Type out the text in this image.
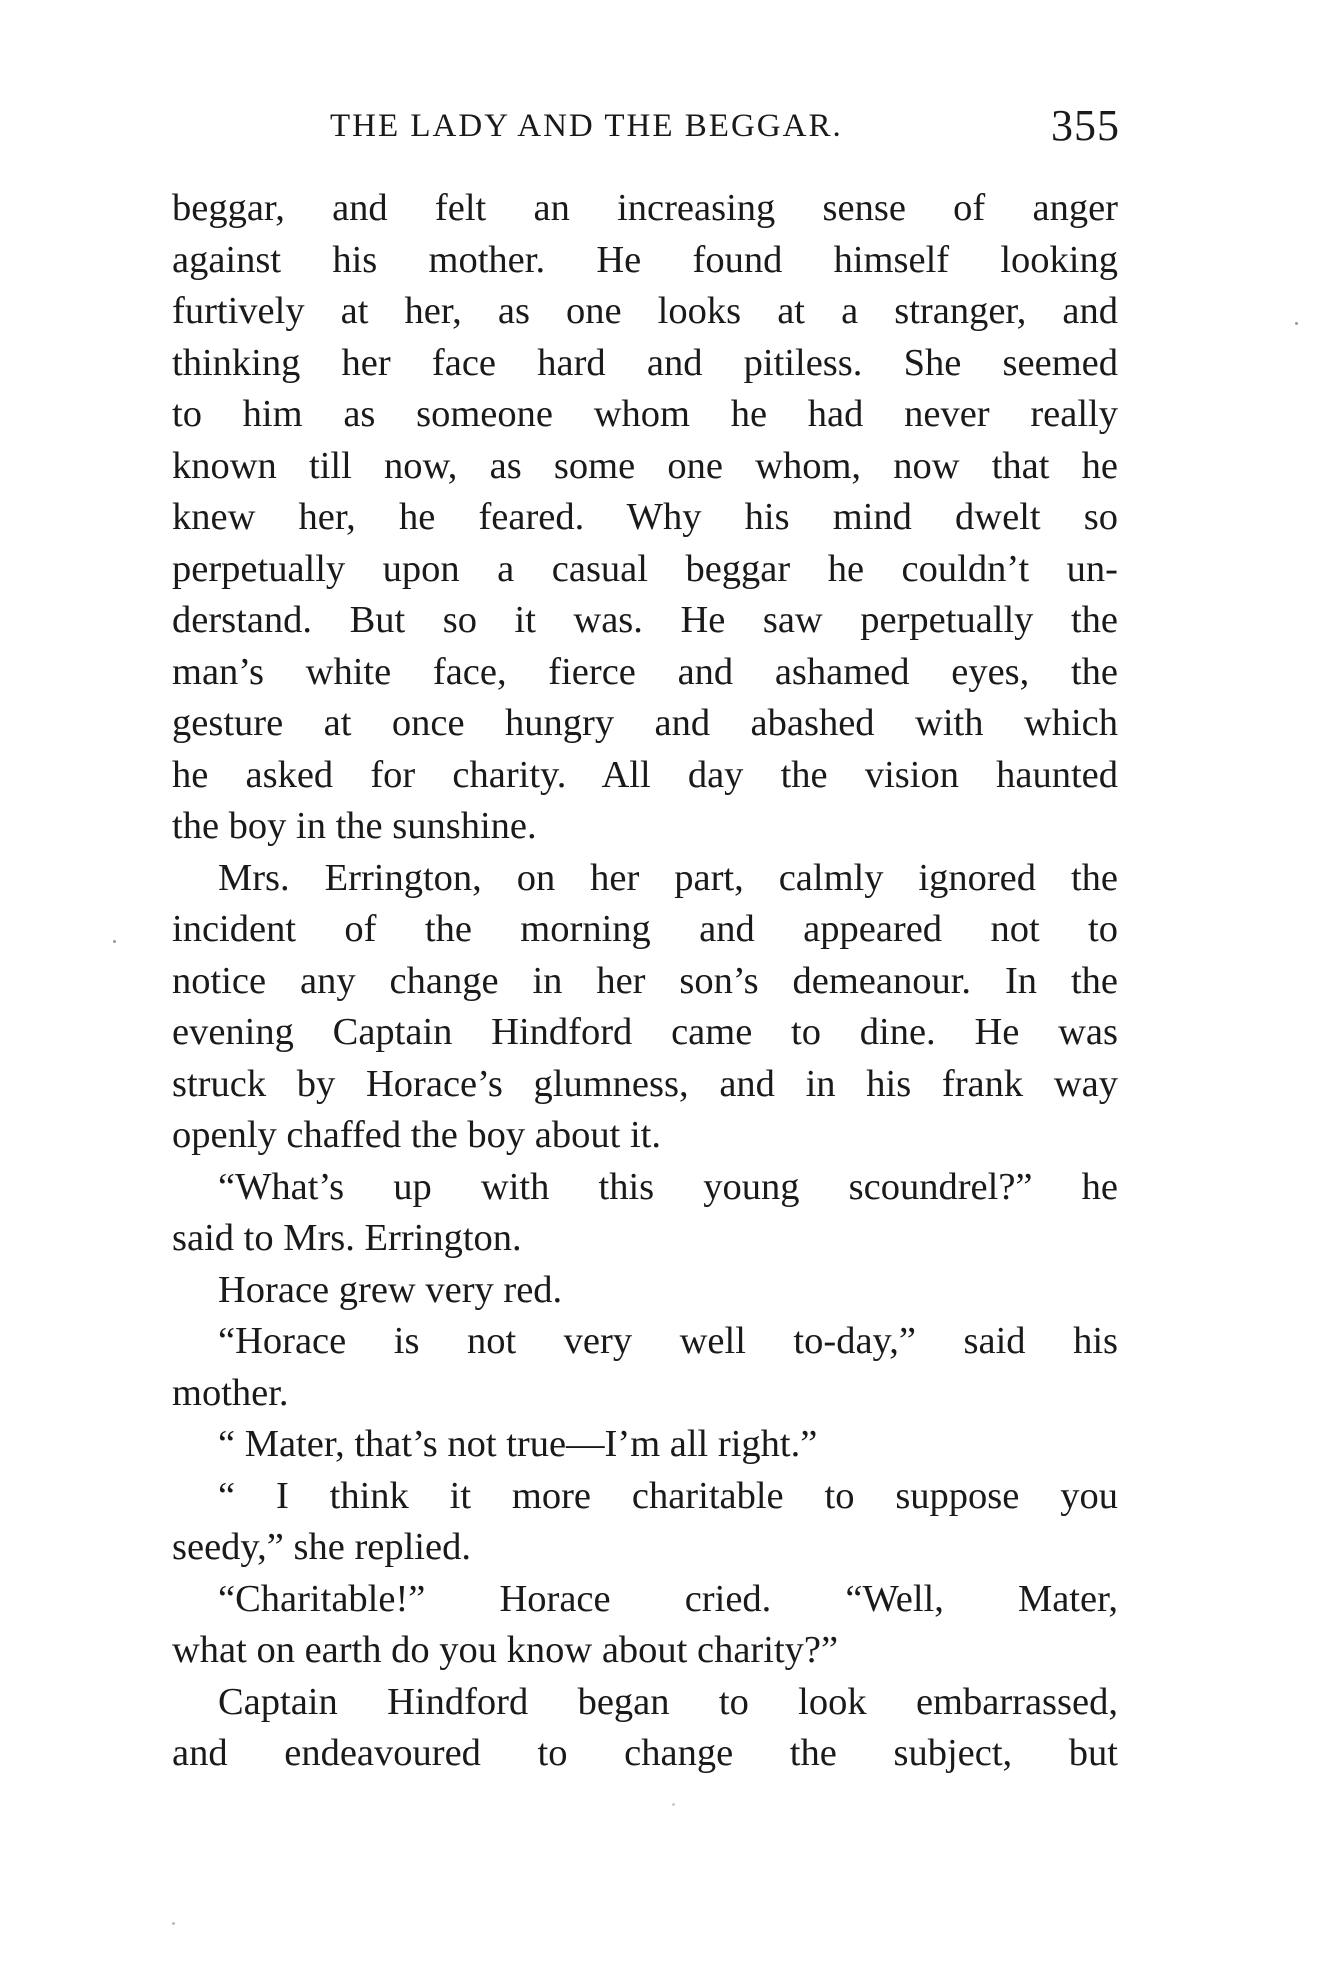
THE LADY AND THE BEGGAR.	355
beggar, and felt an increasing sense of anger
against his mother. He found himself looking
furtively at her, as one looks at a stranger, and
thinking her face hard and pitiless. She seemed
to him as someone whom he had never really
known till now, as some one whom, now that he
knew her, he feared. Why his mind dwelt so
perpetually upon a casual beggar he couldn’t un-
derstand. But so it was. He saw perpetually the
man’s white face, fierce and ashamed eyes, the
gesture at once hungry and abashed with which
he asked for charity. All day the vision haunted
the boy in the sunshine.
Mrs. Errington, on her part, calmly ignored the
incident of the morning and appeared not to
notice any change in her son’s demeanour. In the
evening Captain Hindford came to dine. He was
struck by Horace’s glumness, and in his frank way
openly chaffed the boy about it.
“What’s up with this young scoundrel?” he
said to Mrs. Errington.
Horace grew very red.
“Horace is not very well to-day,” said his
mother.
“ Mater, that’s not true—I’m all right.”
“ I think it more charitable to suppose you
seedy,” she replied.
“Charitable!” Horace cried. “Well, Mater,
what on earth do you know about charity?”
Captain Hindford began to look embarrassed,
and endeavoured to change the subject, but
